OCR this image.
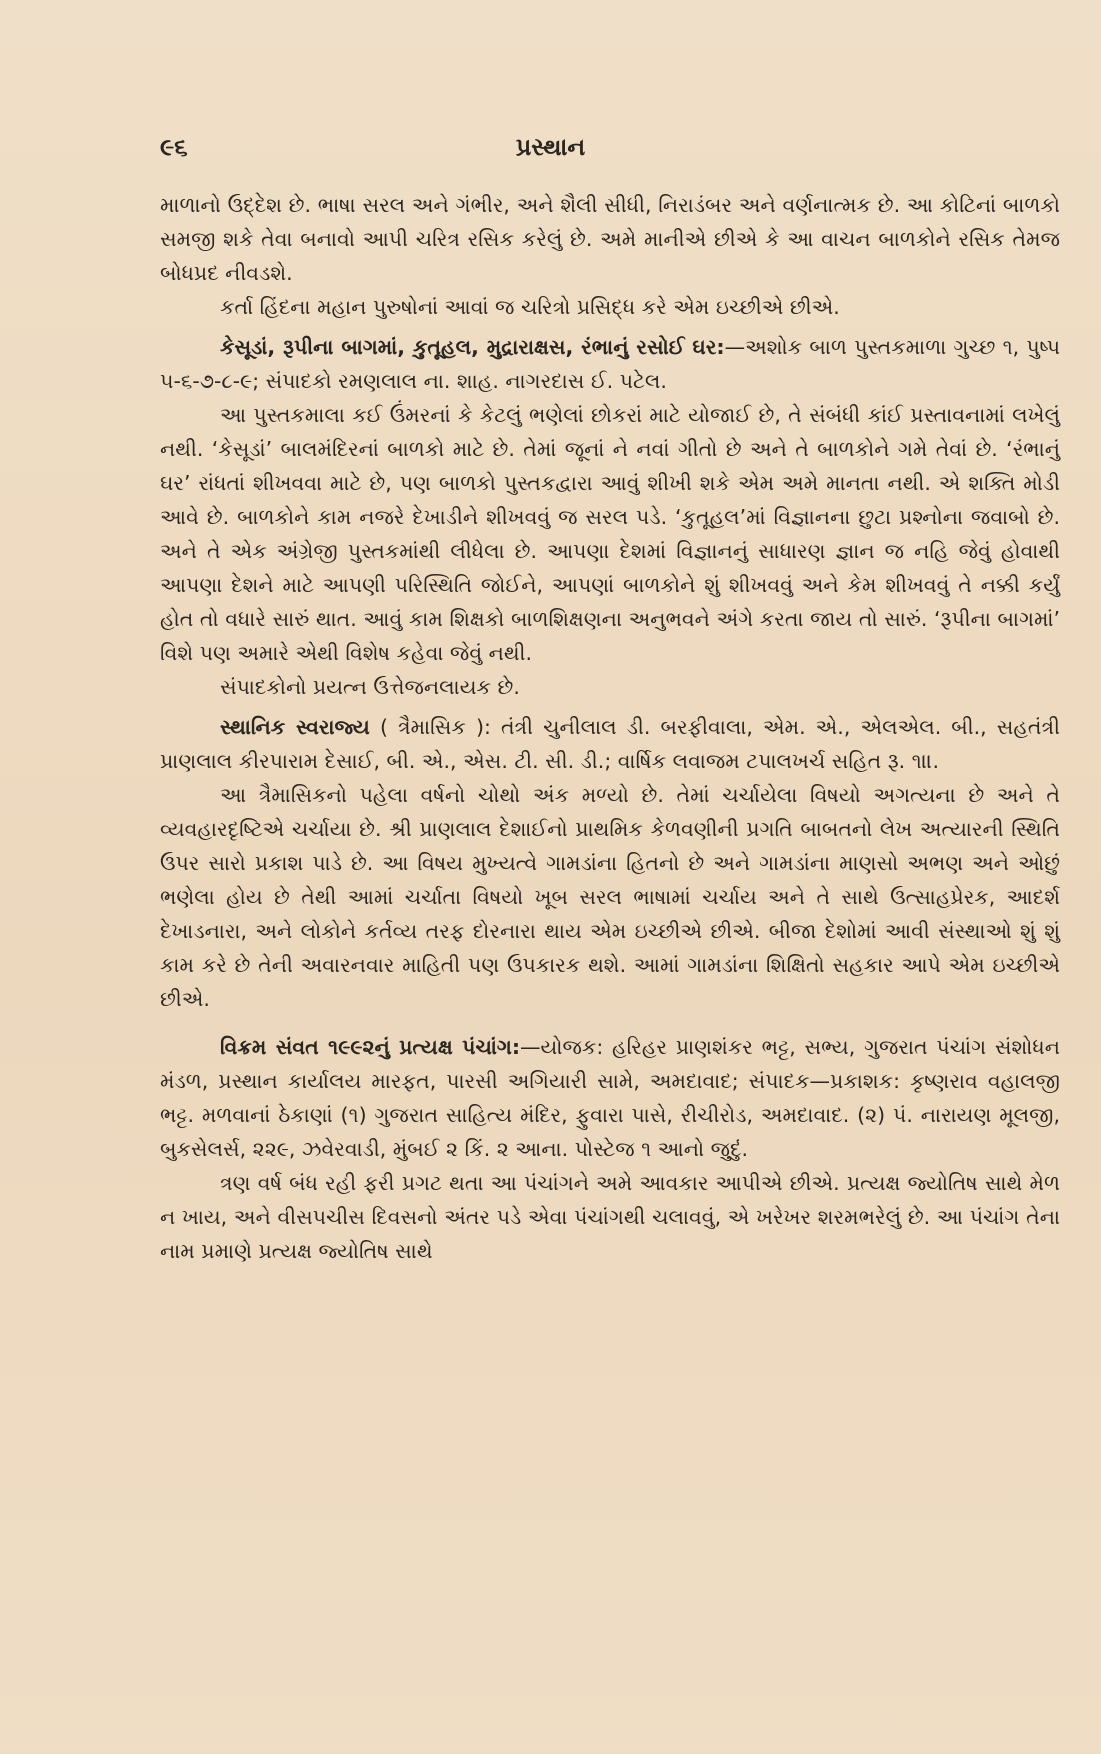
૯૬	પ્રસ્થાન

માળાનો ઉદ્દેશ છે. ભાષા સરલ અને ગંભીર, અને શૈલી સીધી, નિરાડંબર અને વર્ણનાત્મક છે. આ કોટિનાં બાળકો સમજી શકે તેવા બનાવો આપી ચરિત્ર રસિક કરેલું છે. અમે માનીએ છીએ કે આ વાચન બાળકોને રસિક તેમજ બોધપ્રદ નીવડશે.

કર્તા હિંદના મહાન પુરુષોનાં આવાં જ ચરિત્રો પ્રસિદ્ધ કરે એમ ઇચ્છીએ છીએ.

કેસૂડાં, રૂપીના બાગમાં, કુતૂહલ, મુદ્રારાક્ષસ, રંભાનું રસોઈ ઘર:—અશોક બાળ પુસ્તકમાળા ગુચ્છ ૧, પુષ્પ ૫-૬-૭-૮-૯; સંપાદકો રમણલાલ ના. શાહ. નાગરદાસ ઈ. પટેલ.

આ પુસ્તકમાલા કઈ ઉંમરનાં કે કેટલું ભણેલાં છોકરાં માટે યોજાઈ છે, તે સંબંધી કાંઈ પ્રસ્તાવનામાં લખેલું નથી. ‘કેસૂડાં’ બાલમંદિરનાં બાળકો માટે છે. તેમાં જૂનાં ને નવાં ગીતો છે અને તે બાળકોને ગમે તેવાં છે. ‘રંભાનું ઘર’ રાંધતાં શીખવવા માટે છે, પણ બાળકો પુસ્તકદ્વારા આવું શીખી શકે એમ અમે માનતા નથી. એ શક્તિ મોડી આવે છે. બાળકોને કામ નજરે દેખાડીને શીખવવું જ સરલ પડે. ‘કુતૂહલ’માં વિજ્ઞાનના છુટા પ્રશ્નોના જવાબો છે. અને તે એક અંગ્રેજી પુસ્તકમાંથી લીધેલા છે. આપણા દેશમાં વિજ્ઞાનનું સાધારણ જ્ઞાન જ નહિ જેવું હોવાથી આપણા દેશને માટે આપણી પરિસ્થિતિ જોઈને, આપણાં બાળકોને શું શીખવવું અને કેમ શીખવવું તે નક્કી કર્યું હોત તો વધારે સારું થાત. આવું કામ શિક્ષકો બાળશિક્ષણના અનુભવને અંગે કરતા જાય તો સારું. ‘રૂપીના બાગમાં’ વિશે પણ અમારે એથી વિશેષ કહેવા જેવું નથી.

સંપાદકોનો પ્રયત્ન ઉત્તેજનલાયક છે.

સ્થાનિક સ્વરાજ્ય ( ત્રૈમાસિક ): તંત્રી ચુનીલાલ ડી. બરફીવાલા, એમ. એ., એલએલ. બી., સહતંત્રી પ્રાણલાલ કીરપારામ દેસાઈ, બી. એ., એસ. ટી. સી. ડી.; વાર્ષિક લવાજમ ટપાલખર્ચ સહિત રૂ. ૧॥.

આ ત્રૈમાસિકનો પહેલા વર્ષનો ચોથો અંક મળ્યો છે. તેમાં ચર્ચાયેલા વિષયો અગત્યના છે અને તે વ્યવહારદૃષ્ટિએ ચર્ચાયા છે. શ્રી પ્રાણલાલ દેશાઈનો પ્રાથમિક કેળવણીની પ્રગતિ બાબતનો લેખ અત્યારની સ્થિતિ ઉપર સારો પ્રકાશ પાડે છે. આ વિષય મુખ્યત્વે ગામડાંના હિતનો છે અને ગામડાંના માણસો અભણ અને ઓછું ભણેલા હોય છે તેથી આમાં ચર્ચાતા વિષયો ખૂબ સરલ ભાષામાં ચર્ચાય અને તે સાથે ઉત્સાહપ્રેરક, આદર્શ દેખાડનારા, અને લોકોને કર્તવ્ય તરફ દોરનારા થાય એમ ઇચ્છીએ છીએ. બીજા દેશોમાં આવી સંસ્થાઓ શું શું કામ કરે છે તેની અવારનવાર માહિતી પણ ઉપકારક થશે. આમાં ગામડાંના શિક્ષિતો સહકાર આપે એમ ઇચ્છીએ છીએ.

વિક્રમ સંવત ૧૯૯૨નું પ્રત્યક્ષ પંચાંગ:—યોજક: હરિહર પ્રાણશંકર ભટ્ટ, સભ્ય, ગુજરાત પંચાંગ સંશોધન મંડળ, પ્રસ્થાન કાર્યાલય મારફત, પારસી અગિયારી સામે, અમદાવાદ; સંપાદક—પ્રકાશક: કૃષ્ણરાવ વહાલજી ભટ્ટ. મળવાનાં ઠેકાણાં (૧) ગુજરાત સાહિત્ય મંદિર, ફુવારા પાસે, રીચીરોડ, અમદાવાદ. (૨) પં. નારાયણ મૂલજી, બુકસેલર્સ, ૨૨૯, ઝવેરવાડી, મુંબઈ ૨ કિં. ૨ આના. પોસ્ટેજ ૧ આનો જુદું.

ત્રણ વર્ષ બંધ રહી ફરી પ્રગટ થતા આ પંચાંગને અમે આવકાર આપીએ છીએ. પ્રત્યક્ષ જ્યોતિષ સાથે મેળ ન ખાય, અને વીસપચીસ દિવસનો અંતર પડે એવા પંચાંગથી ચલાવવું, એ ખરેખર શરમભરેલું છે. આ પંચાંગ તેના નામ પ્રમાણે પ્રત્યક્ષ જ્યોતિષ સાથે
